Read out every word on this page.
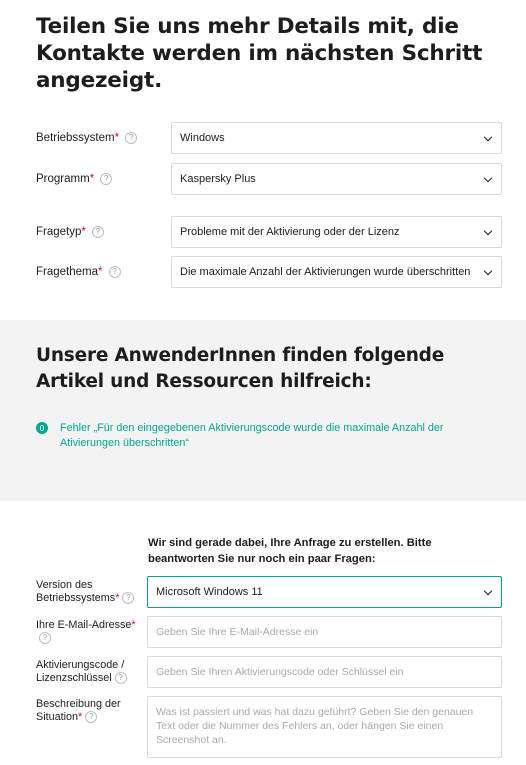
Teilen Sie uns mehr Details mit, die Kontakte werden im nächsten Schritt angezeigt.
Betriebssystem *	?	Windows
Programm *	?	Kaspersky Plus
Fragetyp *	?	Probleme mit der Aktivierung oder der Lizenz
Fragethema *	?	Die maximale Anzahl der Aktivierungen wurde überschritten
Unsere AnwenderInnen finden folgende Artikel und Ressourcen hilfreich:
0	Fehler „Für den eingegebenen Aktivierungscode wurde die maximale Anzahl der Ativierungen überschritten“

Wir sind gerade dabei, Ihre Anfrage zu erstellen. Bitte beantworten Sie nur noch ein paar Fragen:

Version des Betriebssystems* ?	Microsoft Windows 11
Ihre E-Mail-Adresse*?	Geben Sie Ihre E-Mail-Adresse ein
Aktivierungscode / Lizenzschlüssel ?	Geben Sie Ihren Aktivierungscode oder Schlüssel ein
Beschreibung der Situation* ?	Was ist passiert und was hat dazu geführt? Geben Sie den genauen Text oder die Nummer des Fehlers an, oder hängen Sie einen Screenshot an.
